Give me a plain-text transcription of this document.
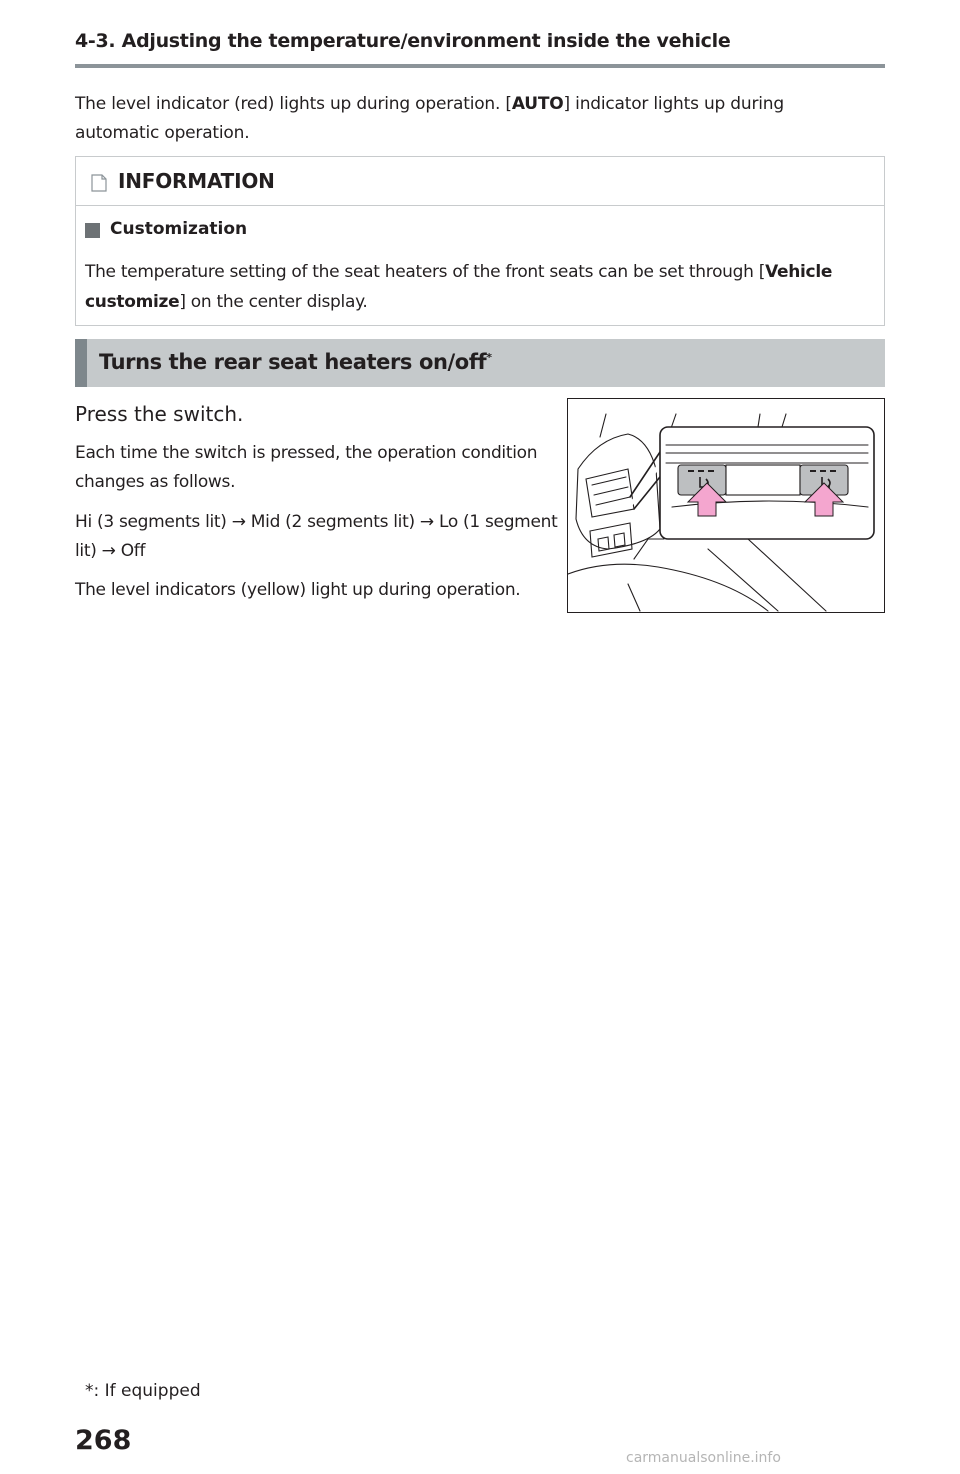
4-3. Adjusting the temperature/environment inside the vehicle
The level indicator (red) lights up during operation. [AUTO] indicator lights up during automatic operation.
INFORMATION
Customization
The temperature setting of the seat heaters of the front seats can be set through [Vehicle customize] on the center display.
Turns the rear seat heaters on/off*
Press the switch.
Each time the switch is pressed, the operation condition changes as follows.
Hi (3 segments lit) → Mid (2 segments lit) → Lo (1 segment lit) → Off
The level indicators (yellow) light up during operation.
*: If equipped
268
carmanualsonline.info
